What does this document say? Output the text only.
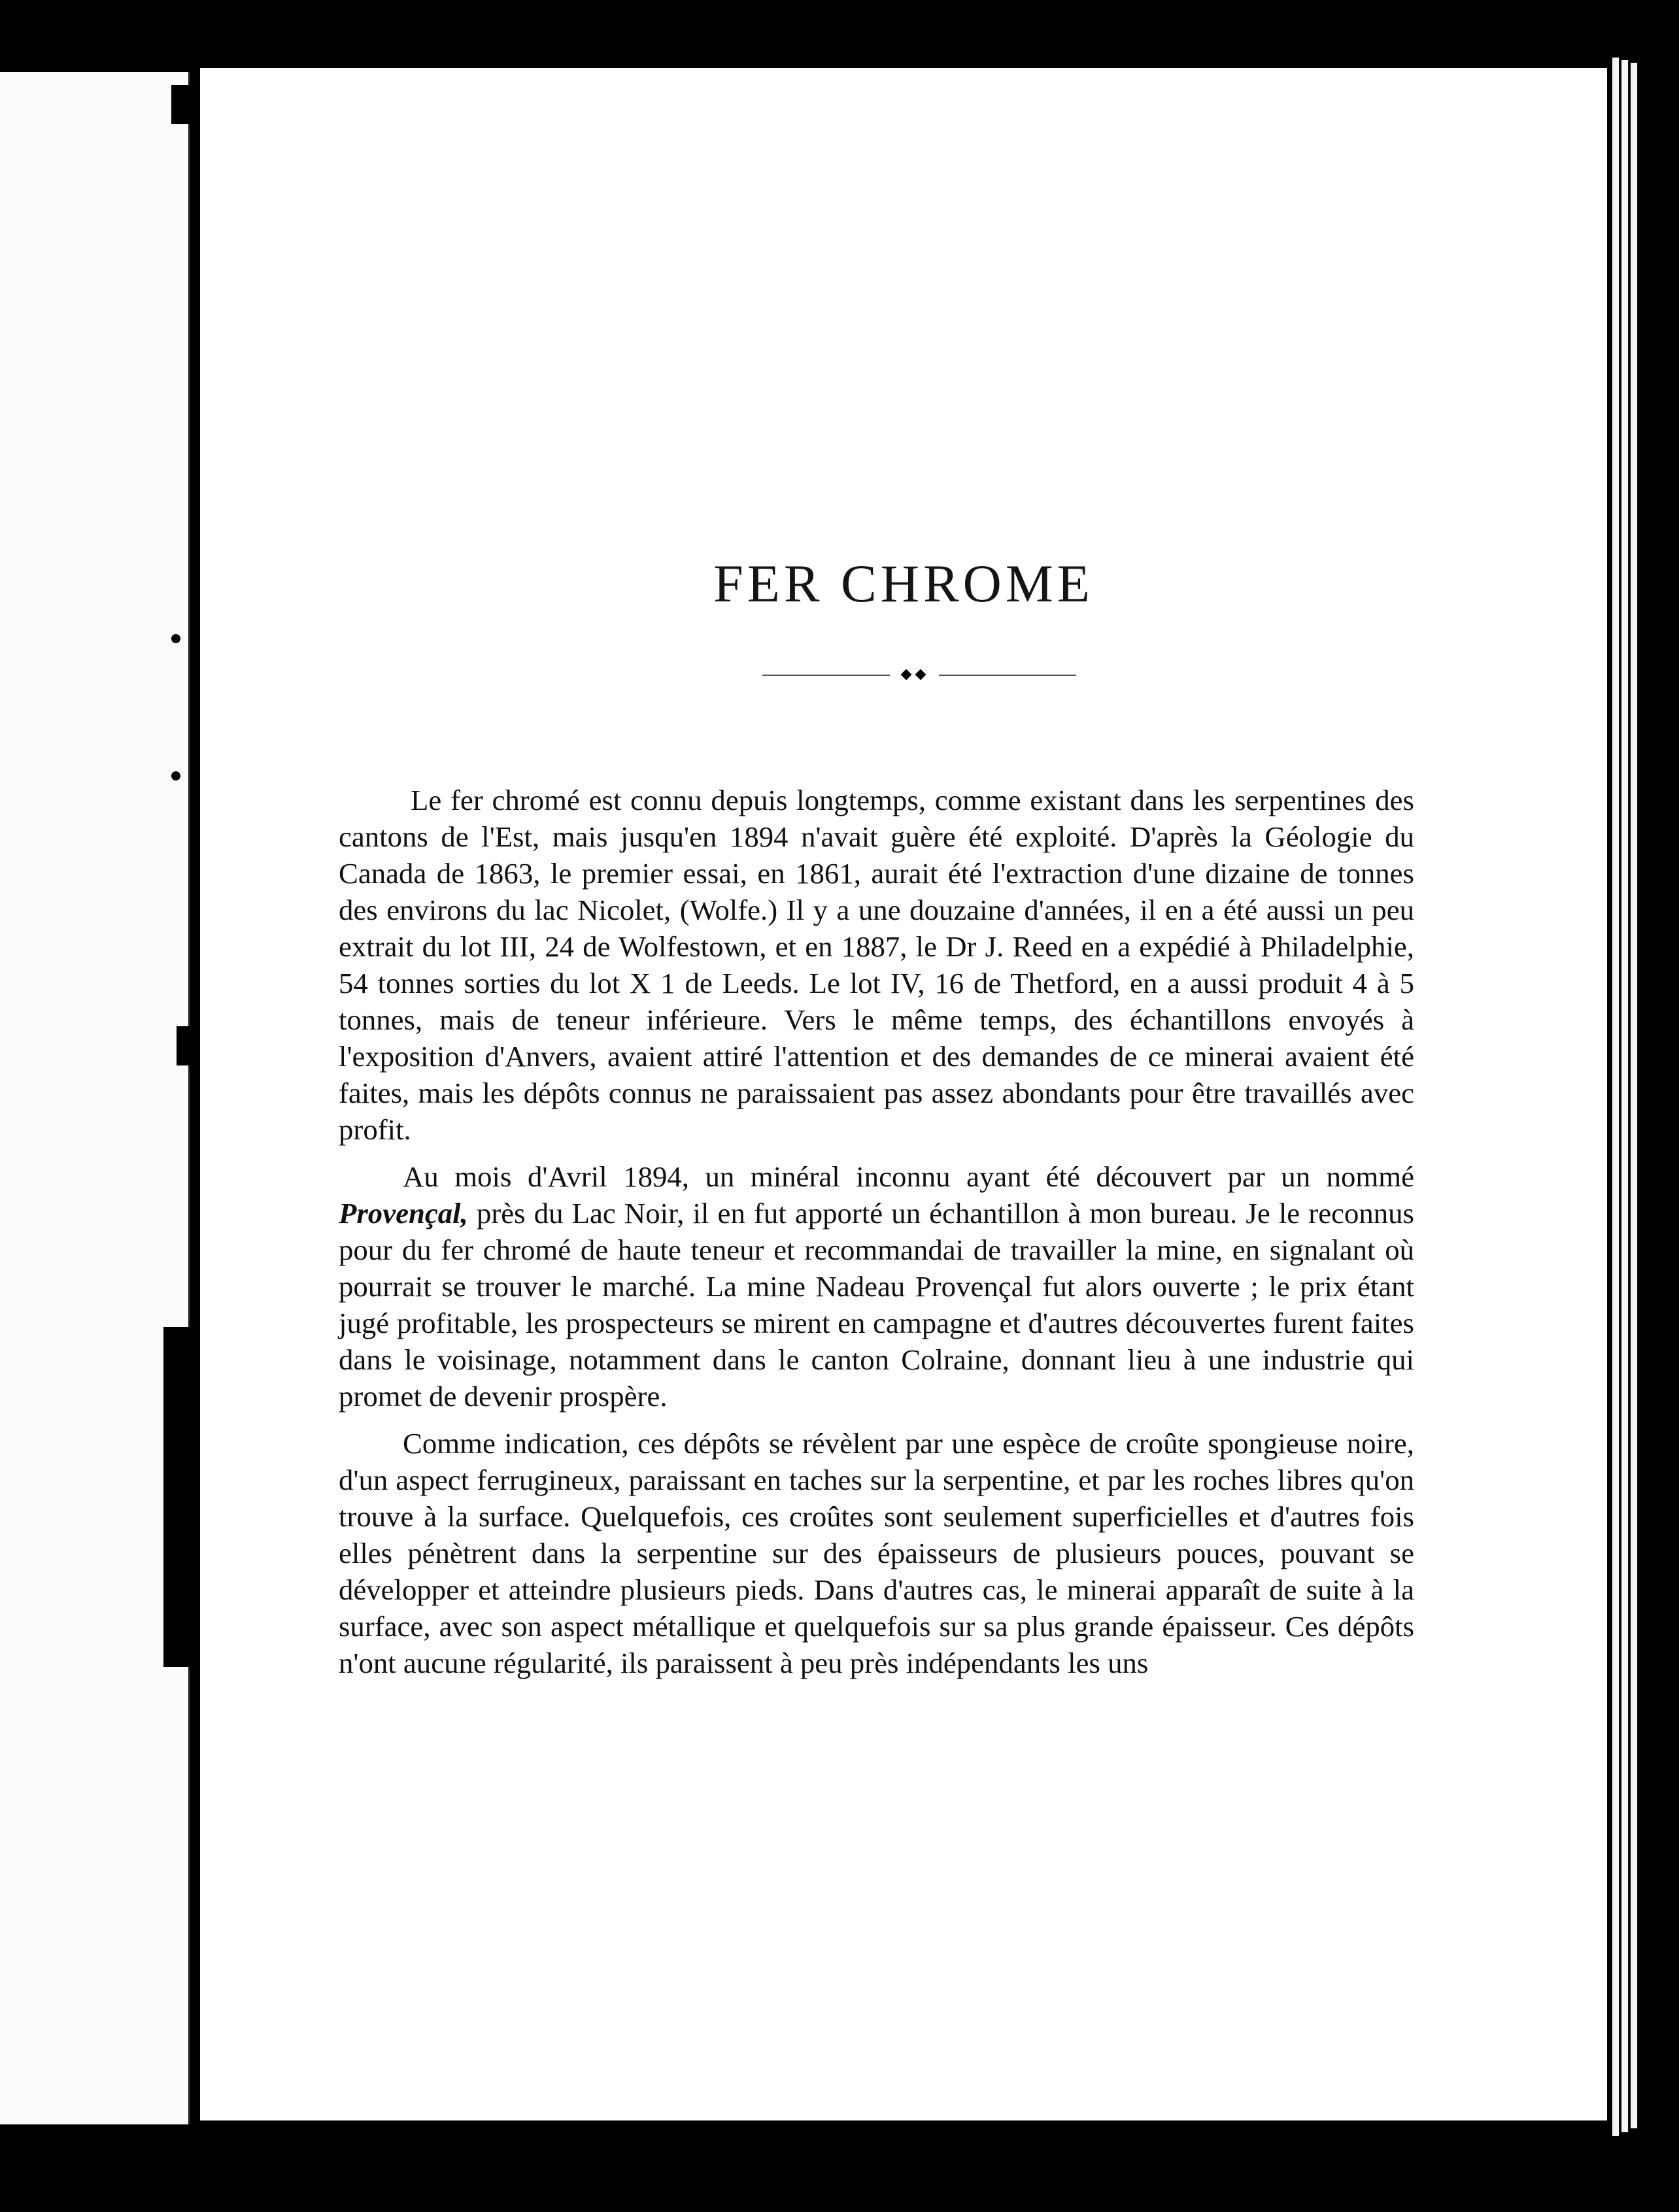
FER CHROME

Le fer chromé est connu depuis longtemps, comme existant dans les serpentines des cantons de l'Est, mais jusqu'en 1894 n'avait guère été exploité. D'après la Géologie du Canada de 1863, le premier essai, en 1861, aurait été l'extraction d'une dizaine de tonnes des environs du lac Nicolet, (Wolfe.) Il y a une douzaine d'années, il en a été aussi un peu extrait du lot III, 24 de Wolfestown, et en 1887, le Dr J. Reed en a expédié à Philadelphie, 54 tonnes sorties du lot X 1 de Leeds. Le lot IV, 16 de Thetford, en a aussi produit 4 à 5 tonnes, mais de teneur inférieure. Vers le même temps, des échantillons envoyés à l'exposition d'Anvers, avaient attiré l'attention et des demandes de ce minerai avaient été faites, mais les dépôts connus ne paraissaient pas assez abondants pour être travaillés avec profit.

Au mois d'Avril 1894, un minéral inconnu ayant été découvert par un nommé Provençal, près du Lac Noir, il en fut apporté un échantillon à mon bureau. Je le reconnus pour du fer chromé de haute teneur et recommandai de travailler la mine, en signalant où pourrait se trouver le marché. La mine Nadeau Provençal fut alors ouverte ; le prix étant jugé profitable, les prospecteurs se mirent en campagne et d'autres découvertes furent faites dans le voisinage, notamment dans le canton Colraine, donnant lieu à une industrie qui promet de devenir prospère.

Comme indication, ces dépôts se révèlent par une espèce de croûte spongieuse noire, d'un aspect ferrugineux, paraissant en taches sur la serpentine, et par les roches libres qu'on trouve à la surface. Quelquefois, ces croûtes sont seulement superficielles et d'autres fois elles pénètrent dans la serpentine sur des épaisseurs de plusieurs pouces, pouvant se développer et atteindre plusieurs pieds. Dans d'autres cas, le minerai apparaît de suite à la surface, avec son aspect métallique et quelquefois sur sa plus grande épaisseur. Ces dépôts n'ont aucune régularité, ils paraissent à peu près indépendants les uns
